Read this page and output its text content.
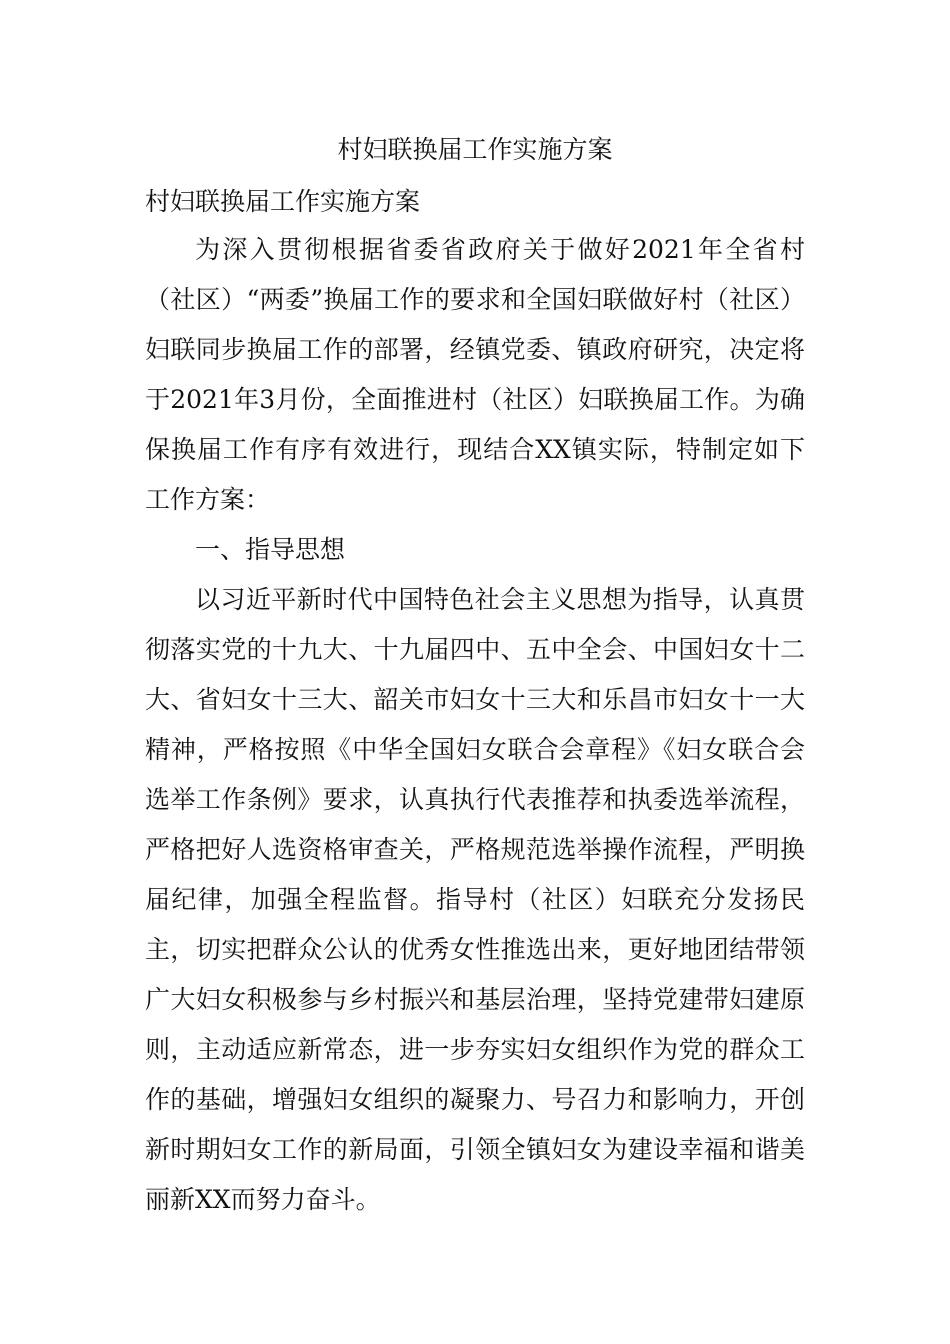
村妇联换届工作实施方案

村妇联换届工作实施方案

为深入贯彻根据省委省政府关于做好2021年全省村（社区）“两委”换届工作的要求和全国妇联做好村（社区）妇联同步换届工作的部署，经镇党委、镇政府研究，决定将于2021年3月份，全面推进村（社区）妇联换届工作。为确保换届工作有序有效进行，现结合XX镇实际，特制定如下工作方案：

一、指导思想

以习近平新时代中国特色社会主义思想为指导，认真贯彻落实党的十九大、十九届四中、五中全会、中国妇女十二大、省妇女十三大、韶关市妇女十三大和乐昌市妇女十一大精神，严格按照《中华全国妇女联合会章程》《妇女联合会选举工作条例》要求，认真执行代表推荐和执委选举流程，严格把好人选资格审查关，严格规范选举操作流程，严明换届纪律，加强全程监督。指导村（社区）妇联充分发扬民主，切实把群众公认的优秀女性推选出来，更好地团结带领广大妇女积极参与乡村振兴和基层治理，坚持党建带妇建原则，主动适应新常态，进一步夯实妇女组织作为党的群众工作的基础，增强妇女组织的凝聚力、号召力和影响力，开创新时期妇女工作的新局面，引领全镇妇女为建设幸福和谐美丽新XX而努力奋斗。
